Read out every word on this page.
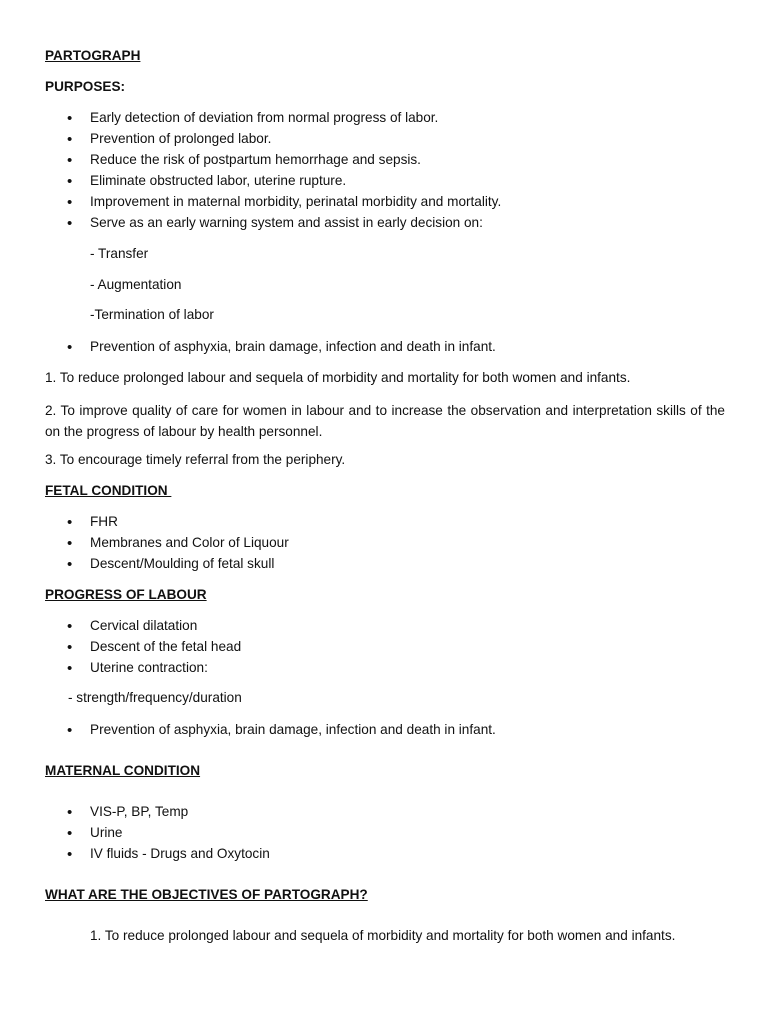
PARTOGRAPH
PURPOSES:
• Early detection of deviation from normal progress of labor.
• Prevention of prolonged labor.
• Reduce the risk of postpartum hemorrhage and sepsis.
• Eliminate obstructed labor, uterine rupture.
• Improvement in maternal morbidity, perinatal morbidity and mortality.
• Serve as an early warning system and assist in early decision on:
- Transfer
- Augmentation
-Termination of labor
• Prevention of asphyxia, brain damage, infection and death in infant.
1. To reduce prolonged labour and sequela of morbidity and mortality for both women and infants.
2. To improve quality of care for women in labour and to increase the observation and interpretation skills of the on the progress of labour by health personnel.
3. To encourage timely referral from the periphery.
FETAL CONDITION
• FHR
• Membranes and Color of Liquour
• Descent/Moulding of fetal skull
PROGRESS OF LABOUR
• Cervical dilatation
• Descent of the fetal head
• Uterine contraction:
- strength/frequency/duration
• Prevention of asphyxia, brain damage, infection and death in infant.
MATERNAL CONDITION
• VIS-P, BP, Temp
• Urine
• IV fluids - Drugs and Oxytocin
WHAT ARE THE OBJECTIVES OF PARTOGRAPH?
1. To reduce prolonged labour and sequela of morbidity and mortality for both women and infants.
